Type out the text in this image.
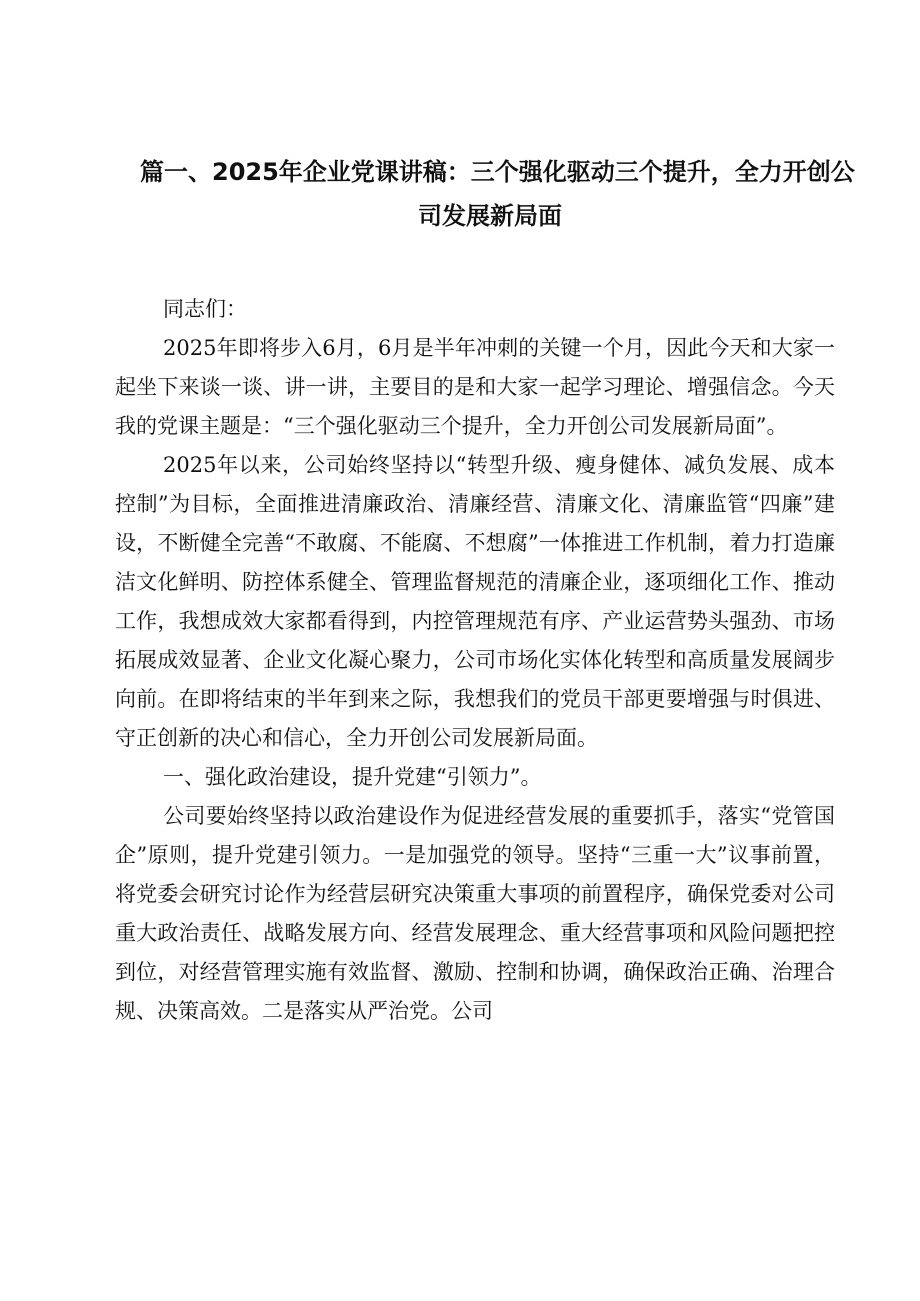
篇一、2025年企业党课讲稿：三个强化驱动三个提升，全力开创公
司发展新局面

同志们：

2025年即将步入6月，6月是半年冲刺的关键一个月，因此今天和大家一起坐下来谈一谈、讲一讲，主要目的是和大家一起学习理论、增强信念。今天我的党课主题是：“三个强化驱动三个提升，全力开创公司发展新局面”。

2025年以来，公司始终坚持以“转型升级、瘦身健体、减负发展、成本控制”为目标，全面推进清廉政治、清廉经营、清廉文化、清廉监管“四廉”建设，不断健全完善“不敢腐、不能腐、不想腐”一体推进工作机制，着力打造廉洁文化鲜明、防控体系健全、管理监督规范的清廉企业，逐项细化工作、推动工作，我想成效大家都看得到，内控管理规范有序、产业运营势头强劲、市场拓展成效显著、企业文化凝心聚力，公司市场化实体化转型和高质量发展阔步向前。在即将结束的半年到来之际，我想我们的党员干部更要增强与时俱进、守正创新的决心和信心，全力开创公司发展新局面。

一、强化政治建设，提升党建“引领力”。

公司要始终坚持以政治建设作为促进经营发展的重要抓手，落实“党管国企”原则，提升党建引领力。一是加强党的领导。坚持“三重一大”议事前置，将党委会研究讨论作为经营层研究决策重大事项的前置程序，确保党委对公司重大政治责任、战略发展方向、经营发展理念、重大经营事项和风险问题把控到位，对经营管理实施有效监督、激励、控制和协调，确保政治正确、治理合规、决策高效。二是落实从严治党。公司
